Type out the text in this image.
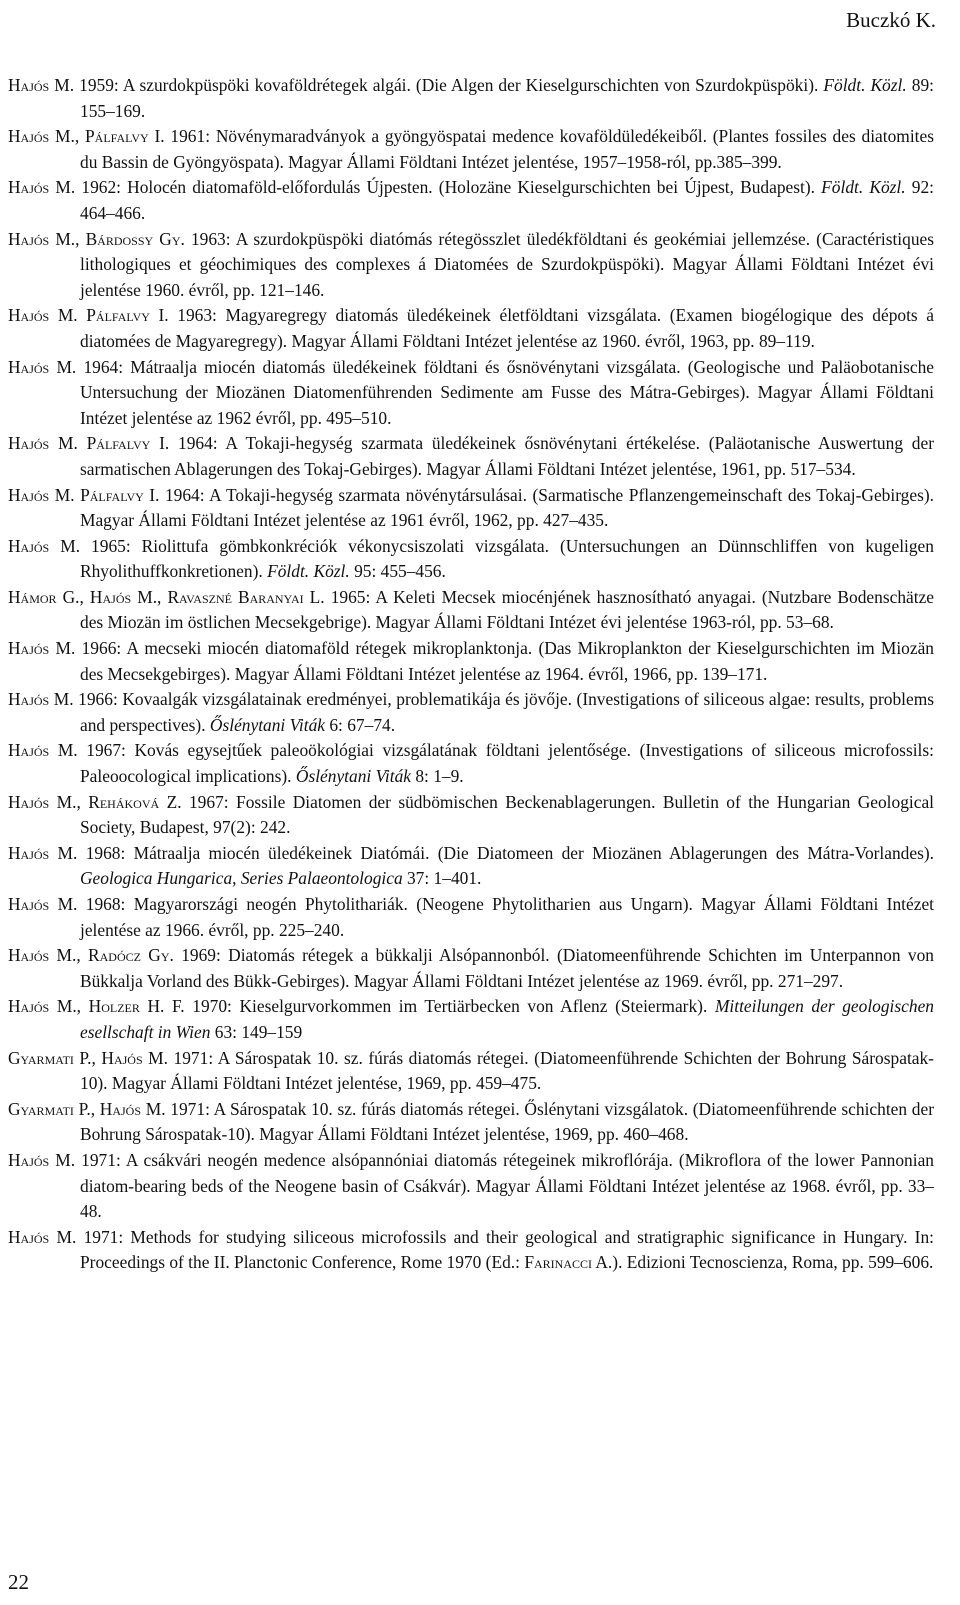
Buczkó K.

Hajós M. 1959: A szurdokpüspöki kovaföldrétegek algái. (Die Algen der Kieselgurschichten von Szurdokpüspöki). Földt. Közl. 89: 155–169.

Hajós M., Pálfalvy I. 1961: Növénymaradványok a gyöngyöspatai medence kovaföldüledékeiből. (Plantes fossiles des diatomites du Bassin de Gyöngyöspata). Magyar Állami Földtani Intézet jelentése, 1957–1958-ról, pp.385–399.

Hajós M. 1962: Holocén diatomaföld-előfordulás Újpesten. (Holozäne Kieselgurschichten bei Újpest, Budapest). Földt. Közl. 92: 464–466.

Hajós M., Bárdossy Gy. 1963: A szurdokpüspöki diatómás rétegösszlet üledékföldtani és geokémiai jellemzése. (Caractéristiques lithologiques et géochimiques des complexes á Diatomées de Szurdokpüspöki). Magyar Állami Földtani Intézet évi jelentése 1960. évről, pp. 121–146.

Hajós M. Pálfalvy I. 1963: Magyaregregy diatomás üledékeinek életföldtani vizsgálata. (Examen biogélogique des dépots á diatomées de Magyaregregy). Magyar Állami Földtani Intézet jelentése az 1960. évről, 1963, pp. 89–119.

Hajós M. 1964: Mátraalja miocén diatomás üledékeinek földtani és ősnövénytani vizsgálata. (Geologische und Paläobotanische Untersuchung der Miozänen Diatomenführenden Sedimente am Fusse des Mátra-Gebirges). Magyar Állami Földtani Intézet jelentése az 1962 évről, pp. 495–510.

Hajós M. Pálfalvy I. 1964: A Tokaji-hegység szarmata üledékeinek ősnövénytani értékelése. (Paläotanische Auswertung der sarmatischen Ablagerungen des Tokaj-Gebirges). Magyar Állami Földtani Intézet jelentése, 1961, pp. 517–534.

Hajós M. Pálfalvy I. 1964: A Tokaji-hegység szarmata növénytársulásai. (Sarmatische Pflanzengemeinschaft des Tokaj-Gebirges). Magyar Állami Földtani Intézet jelentése az 1961 évről, 1962, pp. 427–435.

Hajós M. 1965: Riolittufa gömbkonkréciók vékonycsiszolati vizsgálata. (Untersuchungen an Dünnschliffen von kugeligen Rhyolithuffkonkretionen). Földt. Közl. 95: 455–456.

Hámor G., Hajós M., Ravaszné Baranyai L. 1965: A Keleti Mecsek miocénjének hasznosítható anyagai. (Nutzbare Bodenschätze des Miozän im östlichen Mecsekgebrige). Magyar Állami Földtani Intézet évi jelentése 1963-ról, pp. 53–68.

Hajós M. 1966: A mecseki miocén diatomaföld rétegek mikroplanktonja. (Das Mikroplankton der Kieselgurschichten im Miozän des Mecsekgebirges). Magyar Állami Földtani Intézet jelentése az 1964. évről, 1966, pp. 139–171.

Hajós M. 1966: Kovaalgák vizsgálatainak eredményei, problematikája és jövője. (Investigations of siliceous algae: results, problems and perspectives). Őslénytani Viták 6: 67–74.

Hajós M. 1967: Kovás egysejtűek paleoökológiai vizsgálatának földtani jelentősége. (Investigations of siliceous microfossils: Paleoocological implications). Őslénytani Viták 8: 1–9.

Hajós M., Reháková Z. 1967: Fossile Diatomen der südbömischen Beckenablagerungen. Bulletin of the Hungarian Geological Society, Budapest, 97(2): 242.

Hajós M. 1968: Mátraalja miocén üledékeinek Diatómái. (Die Diatomeen der Miozänen Ablagerungen des Mátra-Vorlandes). Geologica Hungarica, Series Palaeontologica 37: 1–401.

Hajós M. 1968: Magyarországi neogén Phytolithariák. (Neogene Phytolitharien aus Ungarn). Magyar Állami Földtani Intézet jelentése az 1966. évről, pp. 225–240.

Hajós M., Radócz Gy. 1969: Diatomás rétegek a bükkalji Alsópannonból. (Diatomeenführende Schichten im Unterpannon von Bükkalja Vorland des Bükk-Gebirges). Magyar Állami Földtani Intézet jelentése az 1969. évről, pp. 271–297.

Hajós M., Holzer H. F. 1970: Kieselgurvorkommen im Tertiärbecken von Aflenz (Steiermark). Mitteilungen der geologischen esellschaft in Wien 63: 149–159

Gyarmati P., Hajós M. 1971: A Sárospatak 10. sz. fúrás diatomás rétegei. (Diatomeenführende Schichten der Bohrung Sárospatak-10). Magyar Állami Földtani Intézet jelentése, 1969, pp. 459–475.

Gyarmati P., Hajós M. 1971: A Sárospatak 10. sz. fúrás diatomás rétegei. Őslénytani vizsgálatok. (Diatomeenführende schichten der Bohrung Sárospatak-10). Magyar Állami Földtani Intézet jelentése, 1969, pp. 460–468.

Hajós M. 1971: A csákvári neogén medence alsópannóniai diatomás rétegeinek mikroflórája. (Mikroflora of the lower Pannonian diatom-bearing beds of the Neogene basin of Csákvár). Magyar Állami Földtani Intézet jelentése az 1968. évről, pp. 33–48.

Hajós M. 1971: Methods for studying siliceous microfossils and their geological and stratigraphic significance in Hungary. In: Proceedings of the II. Planctonic Conference, Rome 1970 (Ed.: Farinacci A.). Edizioni Tecnoscienza, Roma, pp. 599–606.

22
